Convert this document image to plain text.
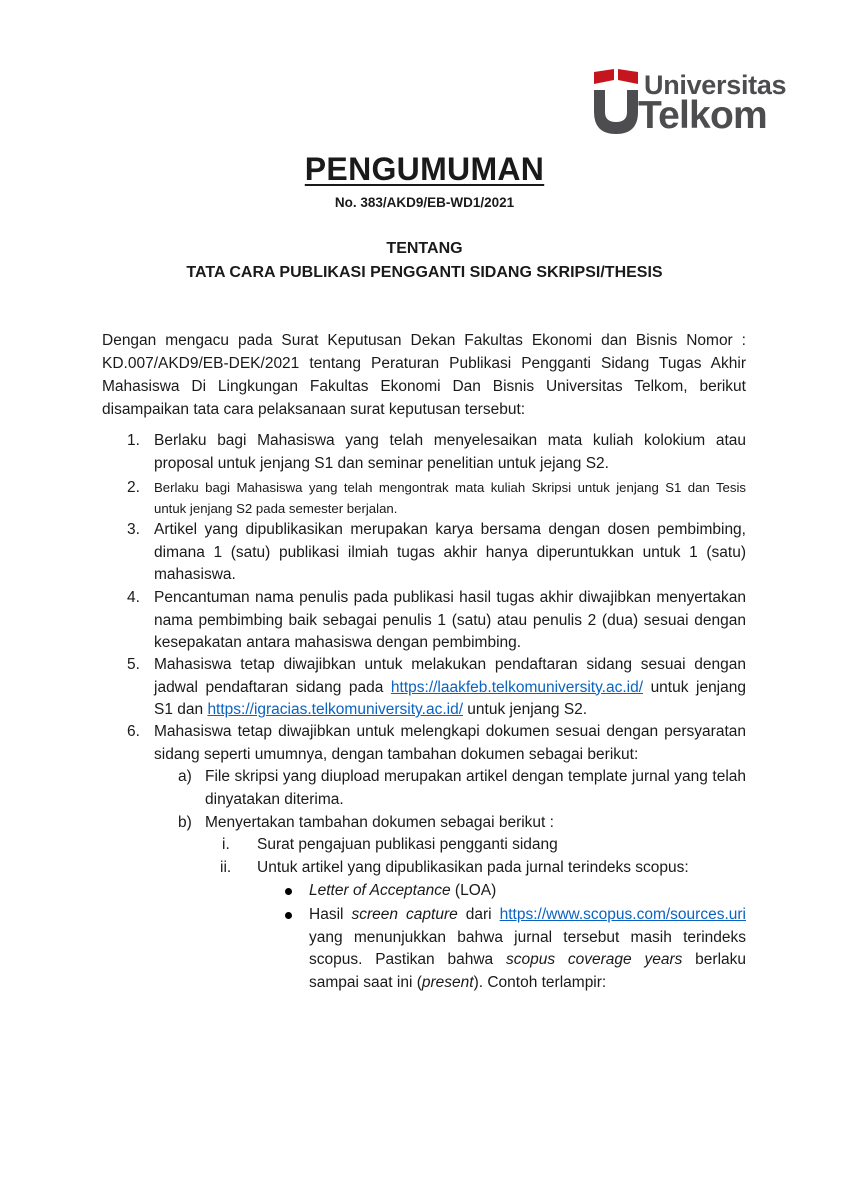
Universitas
Telkom
PENGUMUMAN
No. 383/AKD9/EB-WD1/2021
TENTANG
TATA CARA PUBLIKASI PENGGANTI SIDANG SKRIPSI/THESIS
Dengan mengacu pada Surat Keputusan Dekan Fakultas Ekonomi dan Bisnis Nomor : KD.007/AKD9/EB-DEK/2021 tentang Peraturan Publikasi Pengganti Sidang Tugas Akhir Mahasiswa Di Lingkungan Fakultas Ekonomi Dan Bisnis Universitas Telkom, berikut disampaikan tata cara pelaksanaan surat keputusan tersebut:
1. Berlaku bagi Mahasiswa yang telah menyelesaikan mata kuliah kolokium atau proposal untuk jenjang S1 dan seminar penelitian untuk jejang S2.
2. Berlaku bagi Mahasiswa yang telah mengontrak mata kuliah Skripsi untuk jenjang S1 dan Tesis untuk jenjang S2 pada semester berjalan.
3. Artikel yang dipublikasikan merupakan karya bersama dengan dosen pembimbing, dimana 1 (satu) publikasi ilmiah tugas akhir hanya diperuntukkan untuk 1 (satu) mahasiswa.
4. Pencantuman nama penulis pada publikasi hasil tugas akhir diwajibkan menyertakan nama pembimbing baik sebagai penulis 1 (satu) atau penulis 2 (dua) sesuai dengan kesepakatan antara mahasiswa dengan pembimbing.
5. Mahasiswa tetap diwajibkan untuk melakukan pendaftaran sidang sesuai dengan jadwal pendaftaran sidang pada https://laakfeb.telkomuniversity.ac.id/ untuk jenjang S1 dan https://igracias.telkomuniversity.ac.id/ untuk jenjang S2.
6. Mahasiswa tetap diwajibkan untuk melengkapi dokumen sesuai dengan persyaratan sidang seperti umumnya, dengan tambahan dokumen sebagai berikut:
a) File skripsi yang diupload merupakan artikel dengan template jurnal yang telah dinyatakan diterima.
b) Menyertakan tambahan dokumen sebagai berikut :
i. Surat pengajuan publikasi pengganti sidang
ii. Untuk artikel yang dipublikasikan pada jurnal terindeks scopus:
Letter of Acceptance (LOA)
Hasil screen capture dari https://www.scopus.com/sources.uri yang menunjukkan bahwa jurnal tersebut masih terindeks scopus. Pastikan bahwa scopus coverage years berlaku sampai saat ini (present). Contoh terlampir:
